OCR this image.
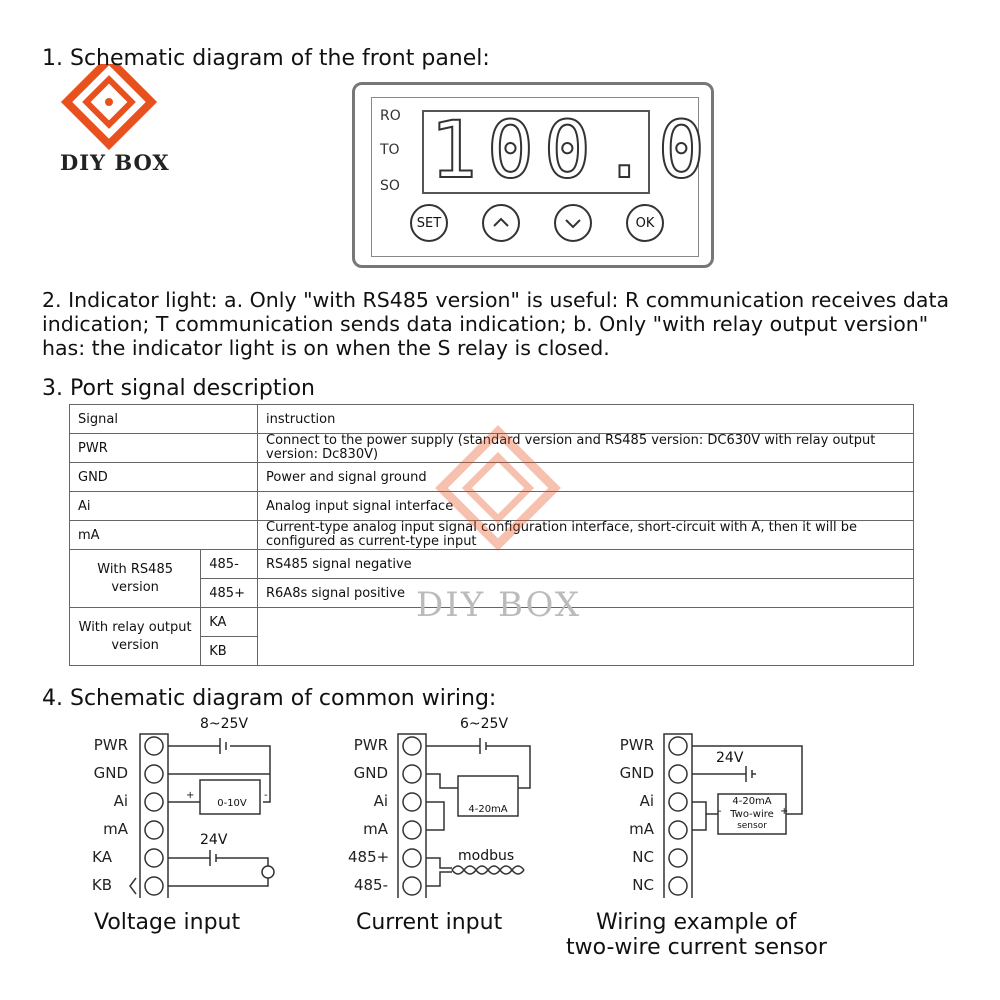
DIY BOX
1. Schematic diagram of the front panel:
RO
TO
SO 100.0
SET	OK
2. Indicator light: a. Only "with RS485 version" is useful: R communication receives data indication; T communication sends data indication; b. Only "with relay output version" has: the indicator light is on when the S relay is closed.
3. Port signal description
Signal		instruction
PWR		Connect to the power supply (standard version and RS485 version: DC630V with relay output version: Dc830V)
GND		Power and signal ground
Ai		Analog input signal interface
mA		Current-type analog input signal configuration interface, short-circuit with A, then it will be configured as current-type input
With RS485 version	485-	RS485 signal negative
	485+	R6A8s signal positive
With relay output version	KA	
	KB	
DIY BOX
4. Schematic diagram of common wiring:
PWR
GND
Ai
mA
KA
KB
8~25V
0-10V
+	-
24V
Voltage input
PWR
GND
Ai
mA
485+
485-
6~25V
4-20mA
modbus
Current input
PWR
GND
Ai
mA
NC
NC
24V
4-20mA
Two-wire
sensor
-	+
Wiring example of
two-wire current sensor
